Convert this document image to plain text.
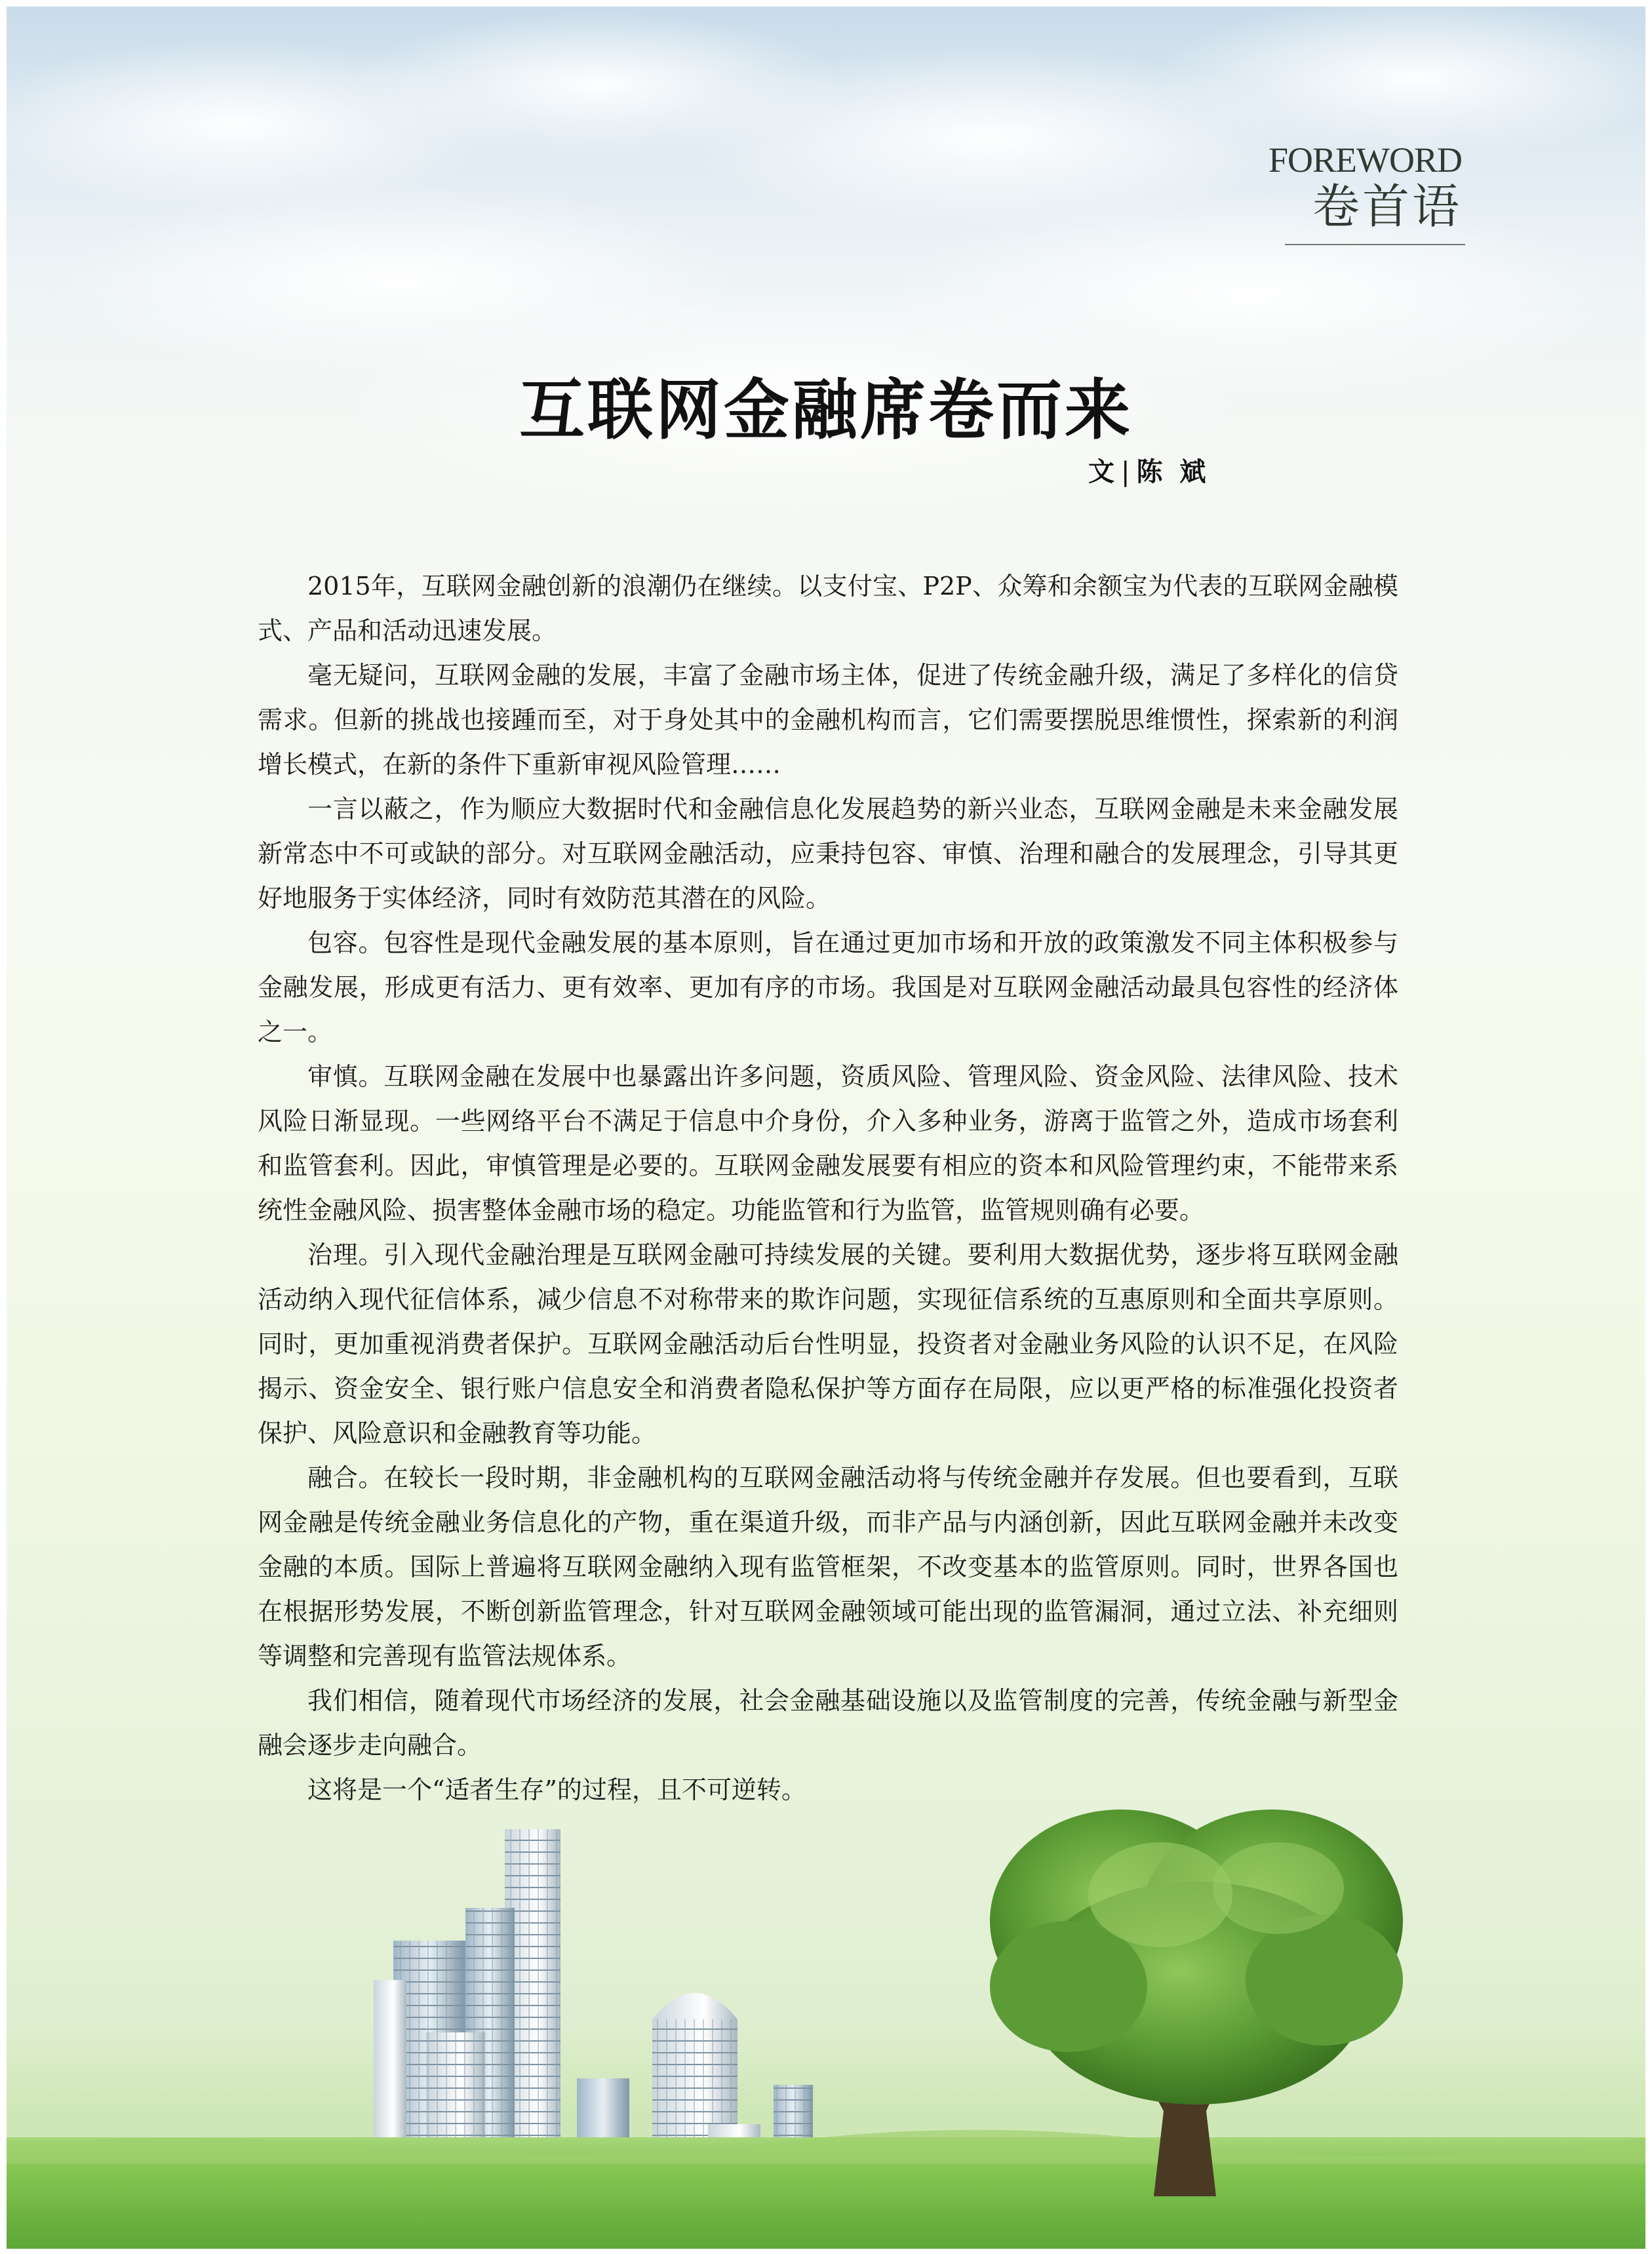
FOREWORD
卷首语
互联网金融席卷而来
文 | 陈 斌

2015年，互联网金融创新的浪潮仍在继续。以支付宝、P2P、众筹和余额宝为代表的互联网金融模式、产品和活动迅速发展。

毫无疑问，互联网金融的发展，丰富了金融市场主体，促进了传统金融升级，满足了多样化的信贷需求。但新的挑战也接踵而至，对于身处其中的金融机构而言，它们需要摆脱思维惯性，探索新的利润增长模式，在新的条件下重新审视风险管理……

一言以蔽之，作为顺应大数据时代和金融信息化发展趋势的新兴业态，互联网金融是未来金融发展新常态中不可或缺的部分。对互联网金融活动，应秉持包容、审慎、治理和融合的发展理念，引导其更好地服务于实体经济，同时有效防范其潜在的风险。

包容。包容性是现代金融发展的基本原则，旨在通过更加市场和开放的政策激发不同主体积极参与金融发展，形成更有活力、更有效率、更加有序的市场。我国是对互联网金融活动最具包容性的经济体之一。

审慎。互联网金融在发展中也暴露出许多问题，资质风险、管理风险、资金风险、法律风险、技术风险日渐显现。一些网络平台不满足于信息中介身份，介入多种业务，游离于监管之外，造成市场套利和监管套利。因此，审慎管理是必要的。互联网金融发展要有相应的资本和风险管理约束，不能带来系统性金融风险、损害整体金融市场的稳定。功能监管和行为监管，监管规则确有必要。

治理。引入现代金融治理是互联网金融可持续发展的关键。要利用大数据优势，逐步将互联网金融活动纳入现代征信体系，减少信息不对称带来的欺诈问题，实现征信系统的互惠原则和全面共享原则。同时，更加重视消费者保护。互联网金融活动后台性明显，投资者对金融业务风险的认识不足，在风险揭示、资金安全、银行账户信息安全和消费者隐私保护等方面存在局限，应以更严格的标准强化投资者保护、风险意识和金融教育等功能。

融合。在较长一段时期，非金融机构的互联网金融活动将与传统金融并存发展。但也要看到，互联网金融是传统金融业务信息化的产物，重在渠道升级，而非产品与内涵创新，因此互联网金融并未改变金融的本质。国际上普遍将互联网金融纳入现有监管框架，不改变基本的监管原则。同时，世界各国也在根据形势发展，不断创新监管理念，针对互联网金融领域可能出现的监管漏洞，通过立法、补充细则等调整和完善现有监管法规体系。

我们相信，随着现代市场经济的发展，社会金融基础设施以及监管制度的完善，传统金融与新型金融会逐步走向融合。

这将是一个“适者生存”的过程，且不可逆转。
